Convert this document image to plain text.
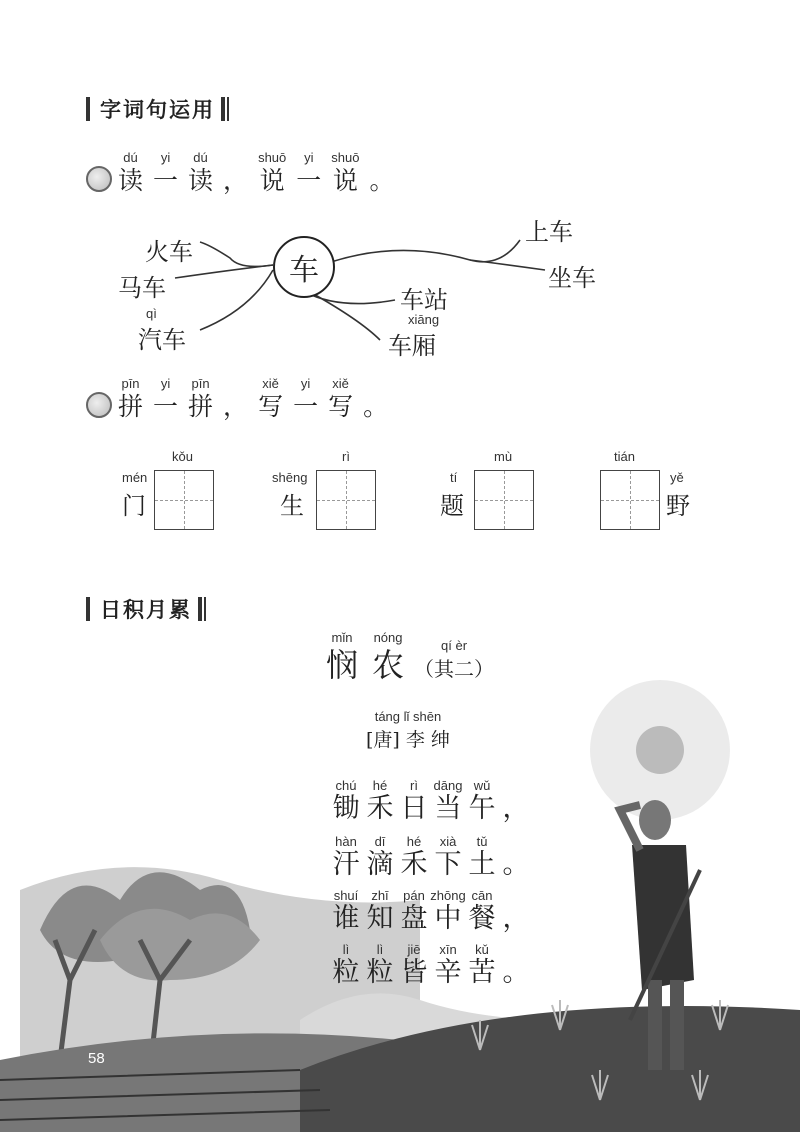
字词句运用
dú
读
yi
一
dú
读 ，
shuō
说
yi
一
shuō
说 。
车
火车
马车
qì
汽车
上车
坐车
车站
xiāng
车厢
pīn
拼
yi
一
pīn
拼 ，
xiě
写
yi
一
xiě
写 。
mén
门
kǒu
shēng
生
rì
tí
题
mù	tián
yě
野
日积月累
mǐn
悯
nóng
农
qí èr
（其二）
táng lǐ shēn
[唐] 李 绅
chú
锄
hé
禾
rì
日
dāng
当
wǔ
午 ，
hàn
汗
dī
滴
hé
禾
xià
下
tǔ
土 。
shuí
谁
zhī
知
pán
盘
zhōng
中
cān
餐 ，
lì
粒
lì
粒
jiē
皆
xīn
辛
kǔ
苦 。
58
